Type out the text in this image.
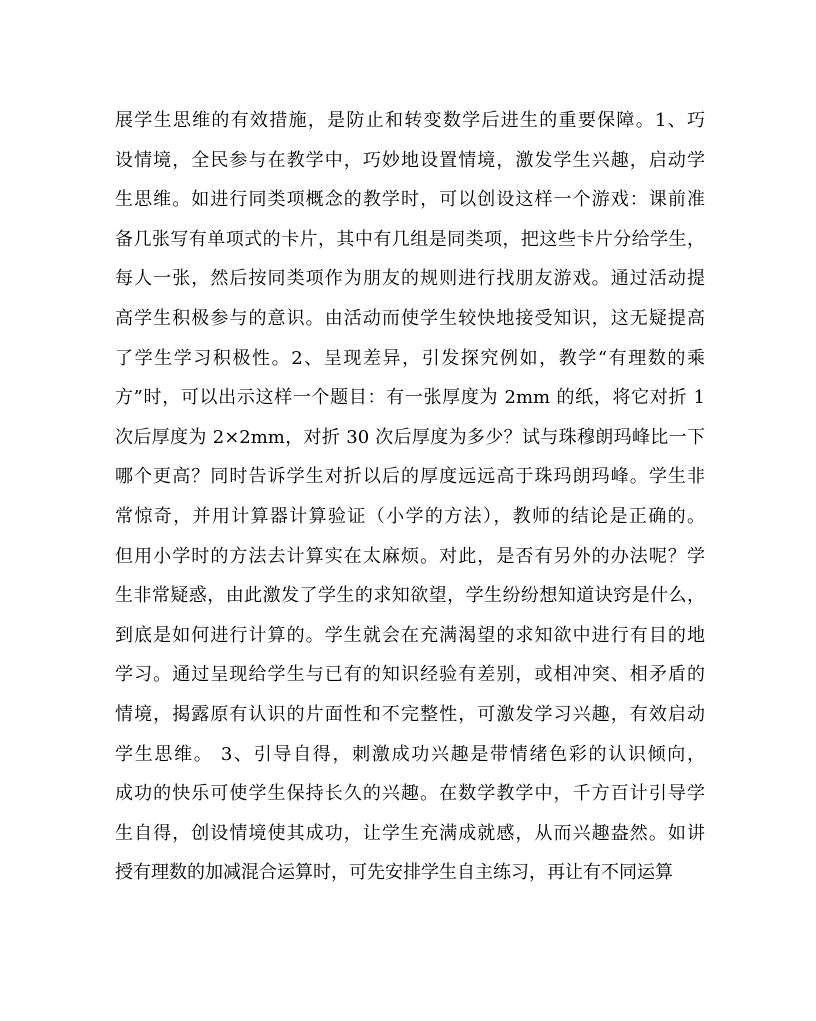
展学生思维的有效措施，是防止和转变数学后进生的重要保障。1、巧
设情境，全民参与在教学中，巧妙地设置情境，激发学生兴趣，启动学
生思维。如进行同类项概念的教学时，可以创设这样一个游戏：课前准
备几张写有单项式的卡片，其中有几组是同类项，把这些卡片分给学生，
每人一张，然后按同类项作为朋友的规则进行找朋友游戏。通过活动提
高学生积极参与的意识。由活动而使学生较快地接受知识，这无疑提高
了学生学习积极性。2、呈现差异，引发探究例如，教学“有理数的乘
方”时，可以出示这样一个题目：有一张厚度为 2mm 的纸，将它对折 1
次后厚度为 2×2mm，对折 30 次后厚度为多少？试与珠穆朗玛峰比一下
哪个更高？同时告诉学生对折以后的厚度远远高于珠玛朗玛峰。学生非
常惊奇，并用计算器计算验证（小学的方法），教师的结论是正确的。
但用小学时的方法去计算实在太麻烦。对此，是否有另外的办法呢？学
生非常疑惑，由此激发了学生的求知欲望，学生纷纷想知道诀窍是什么，
到底是如何进行计算的。学生就会在充满渴望的求知欲中进行有目的地
学习。通过呈现给学生与已有的知识经验有差别，或相冲突、相矛盾的
情境，揭露原有认识的片面性和不完整性，可激发学习兴趣，有效启动
学生思维。 3、引导自得，刺激成功兴趣是带情绪色彩的认识倾向，
成功的快乐可使学生保持长久的兴趣。在数学教学中，千方百计引导学
生自得，创设情境使其成功，让学生充满成就感，从而兴趣盎然。如讲
授有理数的加减混合运算时，可先安排学生自主练习，再让有不同运算
